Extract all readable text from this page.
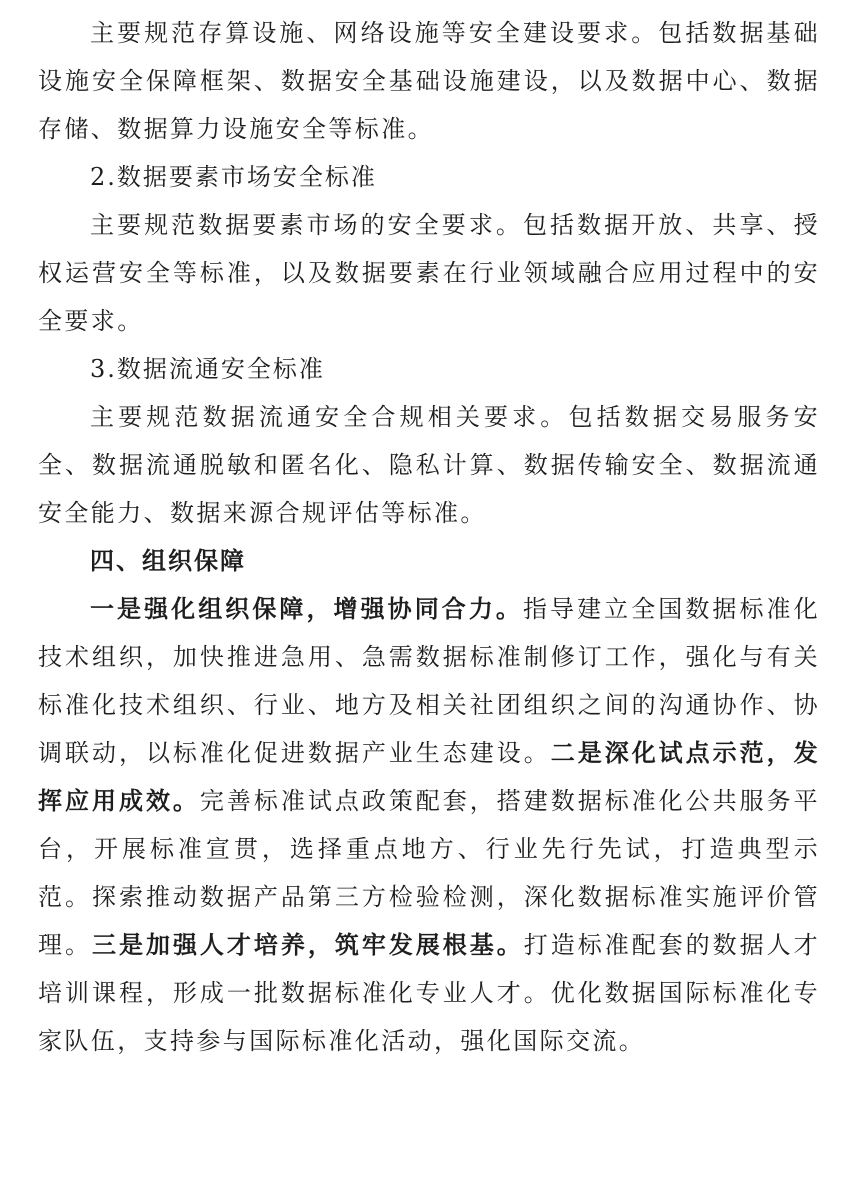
主要规范存算设施、网络设施等安全建设要求。包括数据基础设施安全保障框架、数据安全基础设施建设，以及数据中心、数据存储、数据算力设施安全等标准。

2.数据要素市场安全标准

主要规范数据要素市场的安全要求。包括数据开放、共享、授权运营安全等标准，以及数据要素在行业领域融合应用过程中的安全要求。

3.数据流通安全标准

主要规范数据流通安全合规相关要求。包括数据交易服务安全、数据流通脱敏和匿名化、隐私计算、数据传输安全、数据流通安全能力、数据来源合规评估等标准。

四、组织保障

一是强化组织保障，增强协同合力。指导建立全国数据标准化技术组织，加快推进急用、急需数据标准制修订工作，强化与有关标准化技术组织、行业、地方及相关社团组织之间的沟通协作、协调联动，以标准化促进数据产业生态建设。二是深化试点示范，发挥应用成效。完善标准试点政策配套，搭建数据标准化公共服务平台，开展标准宣贯，选择重点地方、行业先行先试，打造典型示范。探索推动数据产品第三方检验检测，深化数据标准实施评价管理。三是加强人才培养，筑牢发展根基。打造标准配套的数据人才培训课程，形成一批数据标准化专业人才。优化数据国际标准化专家队伍，支持参与国际标准化活动，强化国际交流。
